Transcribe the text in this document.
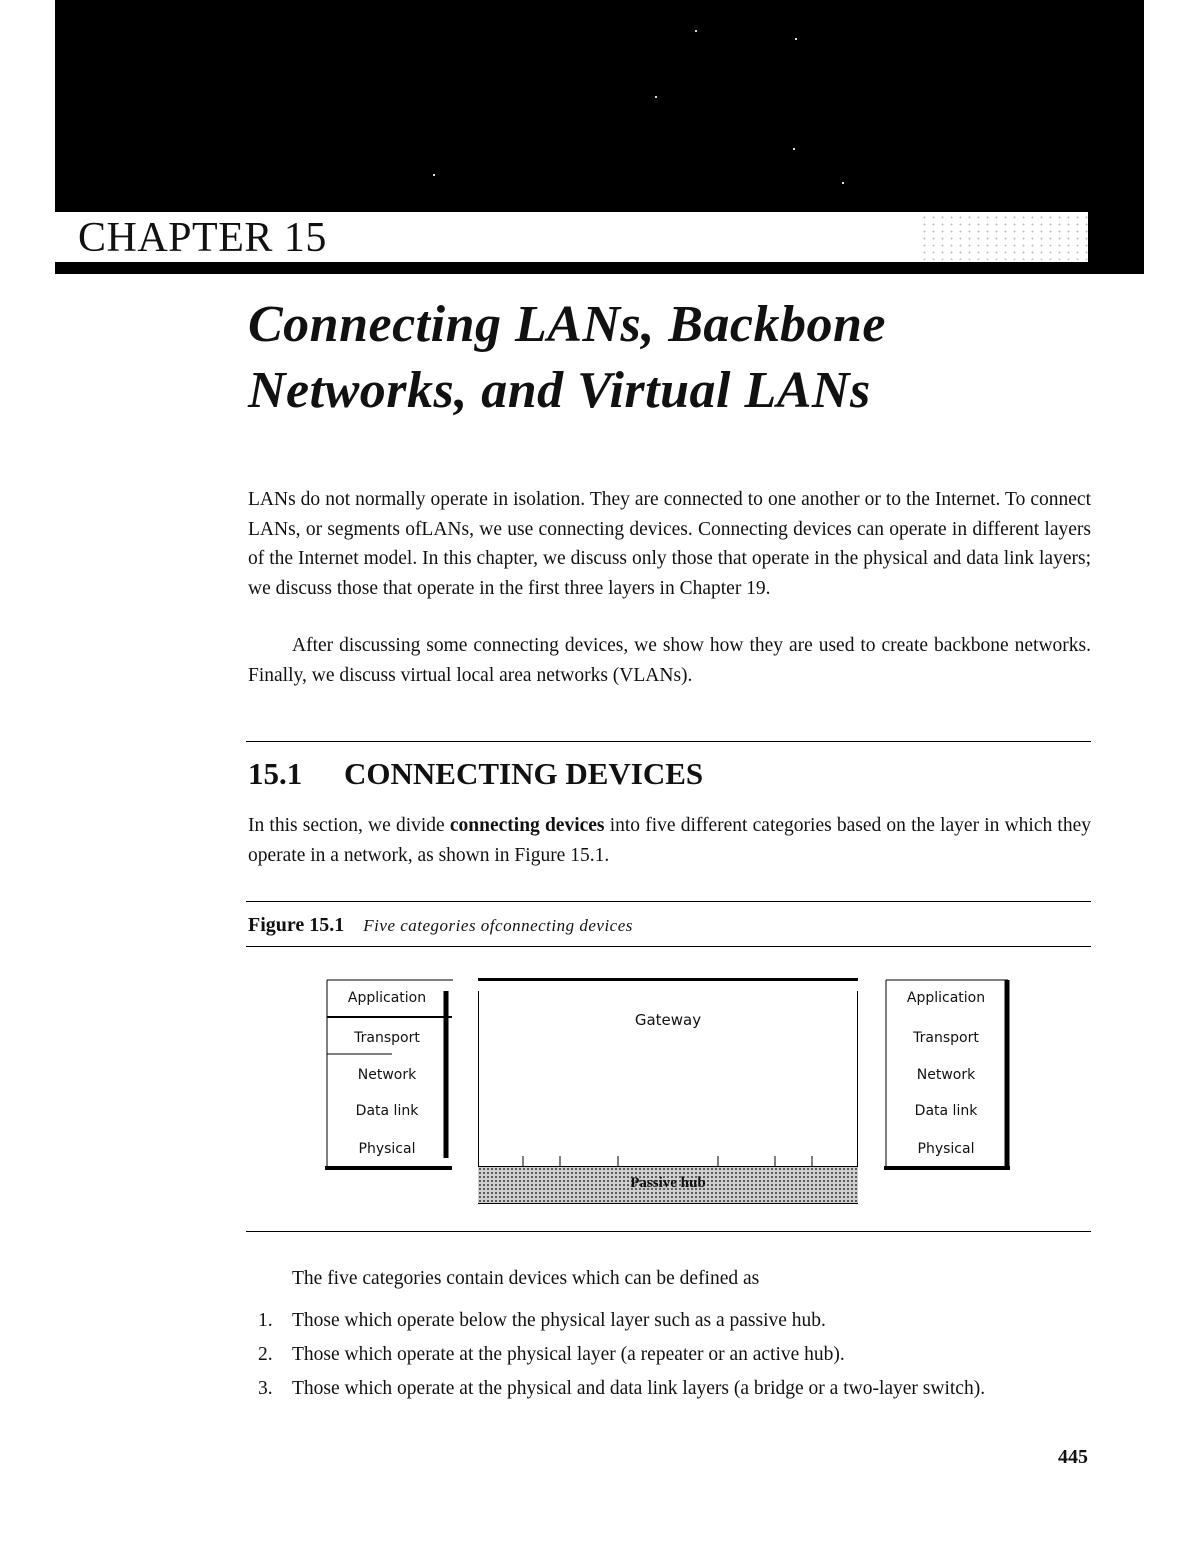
CHAPTER 15
Connecting LANs, Backbone
Networks, and Virtual LANs

LANs do not normally operate in isolation. They are connected to one another or to the Internet. To connect LANs, or segments ofLANs, we use connecting devices. Connecting devices can operate in different layers of the Internet model. In this chapter, we discuss only those that operate in the physical and data link layers; we discuss those that operate in the first three layers in Chapter 19.

After discussing some connecting devices, we show how they are used to create backbone networks. Finally, we discuss virtual local area networks (VLANs).

15.1 CONNECTING DEVICES

In this section, we divide connecting devices into five different categories based on the layer in which they operate in a network, as shown in Figure 15.1.

Figure 15.1 Five categories ofconnecting devices
Application
Transport
Network
Data link
Physical
Application
Transport
Network
Data link
Physical
Gateway
Passive hub

The five categories contain devices which can be defined as

1. Those which operate below the physical layer such as a passive hub.
2. Those which operate at the physical layer (a repeater or an active hub).
3. Those which operate at the physical and data link layers (a bridge or a two-layer switch).
445
